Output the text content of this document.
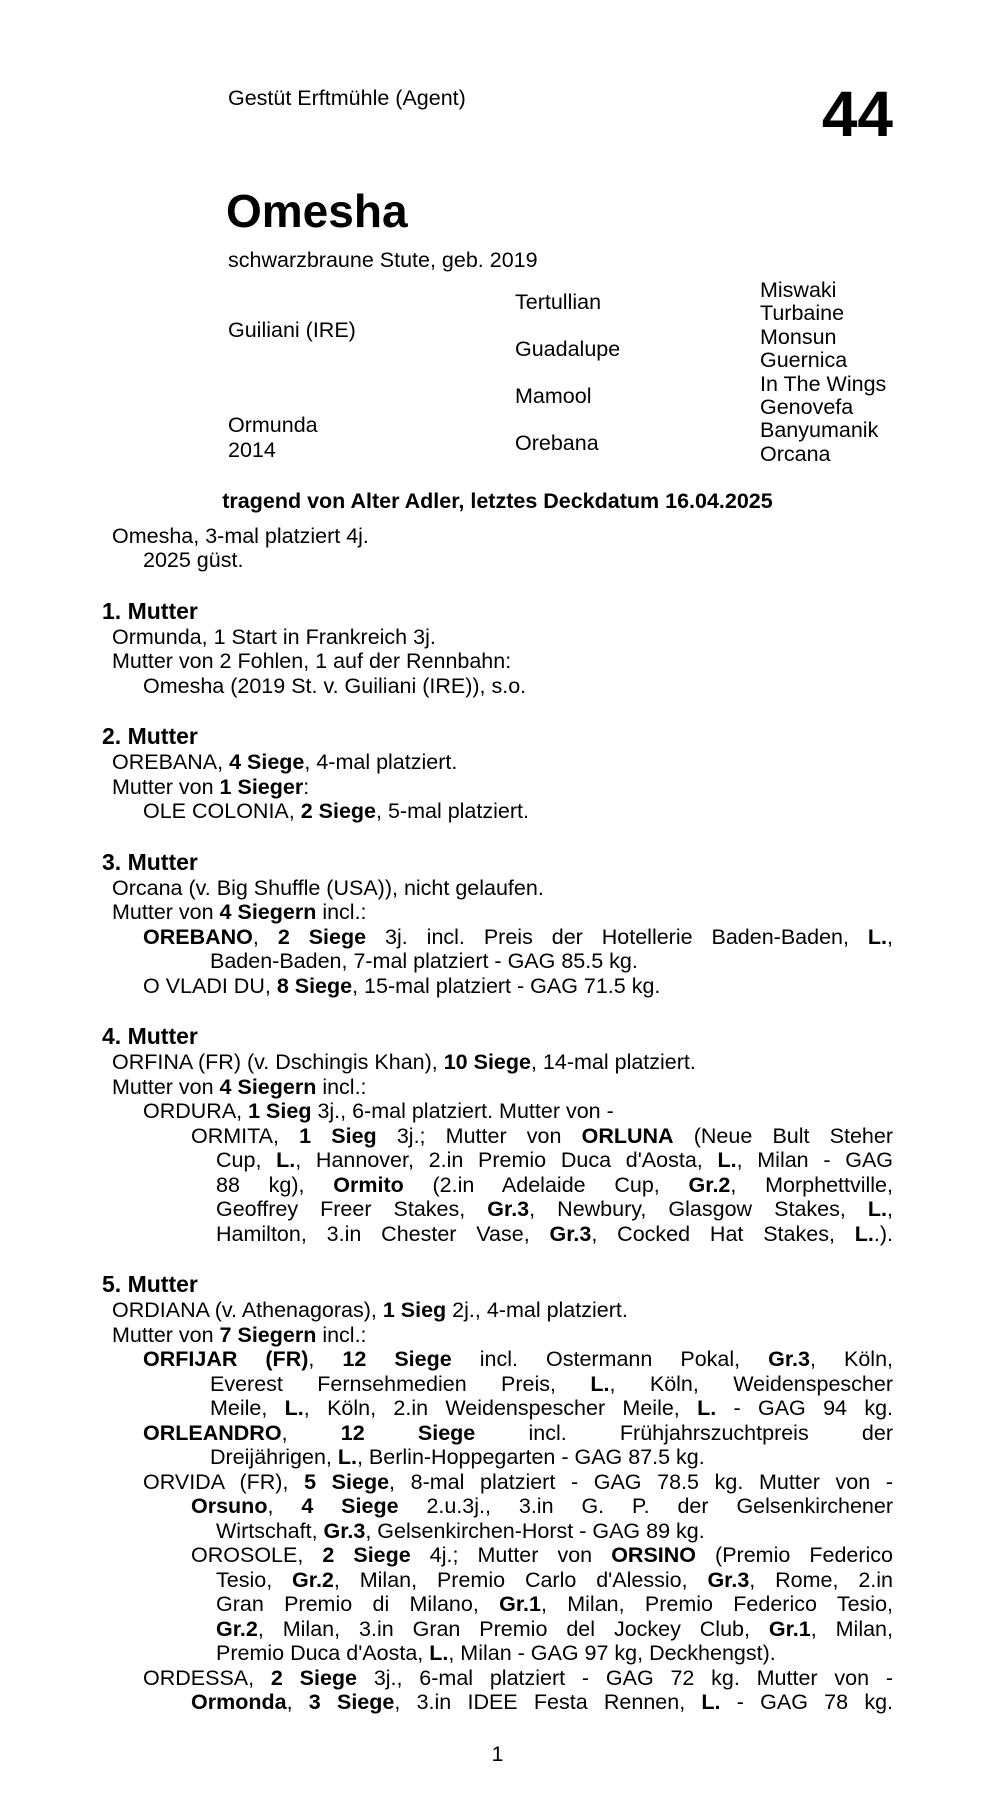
Gestüt Erftmühle (Agent)	44
Omesha
schwarzbraune Stute, geb. 2019
Guiliani (IRE)
Ormunda
2014
Tertullian
Guadalupe
Mamool
Orebana
Miswaki
Turbaine
Monsun
Guernica
In The Wings
Genovefa
Banyumanik
Orcana
tragend von Alter Adler, letztes Deckdatum 16.04.2025
Omesha, 3-mal platziert 4j.
2025 güst.
1. Mutter
Ormunda, 1 Start in Frankreich 3j.
Mutter von 2 Fohlen, 1 auf der Rennbahn:
Omesha (2019 St. v. Guiliani (IRE)), s.o.
2. Mutter
OREBANA, 4 Siege, 4-mal platziert.
Mutter von 1 Sieger:
OLE COLONIA, 2 Siege, 5-mal platziert.
3. Mutter
Orcana (v. Big Shuffle (USA)), nicht gelaufen.
Mutter von 4 Siegern incl.:
OREBANO, 2 Siege 3j. incl. Preis der Hotellerie Baden-Baden, L.,
Baden-Baden, 7-mal platziert - GAG 85.5 kg.
O VLADI DU, 8 Siege, 15-mal platziert - GAG 71.5 kg.
4. Mutter
ORFINA (FR) (v. Dschingis Khan), 10 Siege, 14-mal platziert.
Mutter von 4 Siegern incl.:
ORDURA, 1 Sieg 3j., 6-mal platziert. Mutter von -
ORMITA, 1 Sieg 3j.; Mutter von ORLUNA (Neue Bult Steher
Cup, L., Hannover, 2.in Premio Duca d'Aosta, L., Milan - GAG
88 kg), Ormito (2.in Adelaide Cup, Gr.2, Morphettville,
Geoffrey Freer Stakes, Gr.3, Newbury, Glasgow Stakes, L.,
Hamilton, 3.in Chester Vase, Gr.3, Cocked Hat Stakes, L..).
5. Mutter
ORDIANA (v. Athenagoras), 1 Sieg 2j., 4-mal platziert.
Mutter von 7 Siegern incl.:
ORFIJAR (FR), 12 Siege incl. Ostermann Pokal, Gr.3, Köln,
Everest Fernsehmedien Preis, L., Köln, Weidenspescher
Meile, L., Köln, 2.in Weidenspescher Meile, L. - GAG 94 kg.
ORLEANDRO, 12 Siege incl. Frühjahrszuchtpreis der
Dreijährigen, L., Berlin-Hoppegarten - GAG 87.5 kg.
ORVIDA (FR), 5 Siege, 8-mal platziert - GAG 78.5 kg. Mutter von -
Orsuno, 4 Siege 2.u.3j., 3.in G. P. der Gelsenkirchener
Wirtschaft, Gr.3, Gelsenkirchen-Horst - GAG 89 kg.
OROSOLE, 2 Siege 4j.; Mutter von ORSINO (Premio Federico
Tesio, Gr.2, Milan, Premio Carlo d'Alessio, Gr.3, Rome, 2.in
Gran Premio di Milano, Gr.1, Milan, Premio Federico Tesio,
Gr.2, Milan, 3.in Gran Premio del Jockey Club, Gr.1, Milan,
Premio Duca d'Aosta, L., Milan - GAG 97 kg, Deckhengst).
ORDESSA, 2 Siege 3j., 6-mal platziert - GAG 72 kg. Mutter von -
Ormonda, 3 Siege, 3.in IDEE Festa Rennen, L. - GAG 78 kg.
1
